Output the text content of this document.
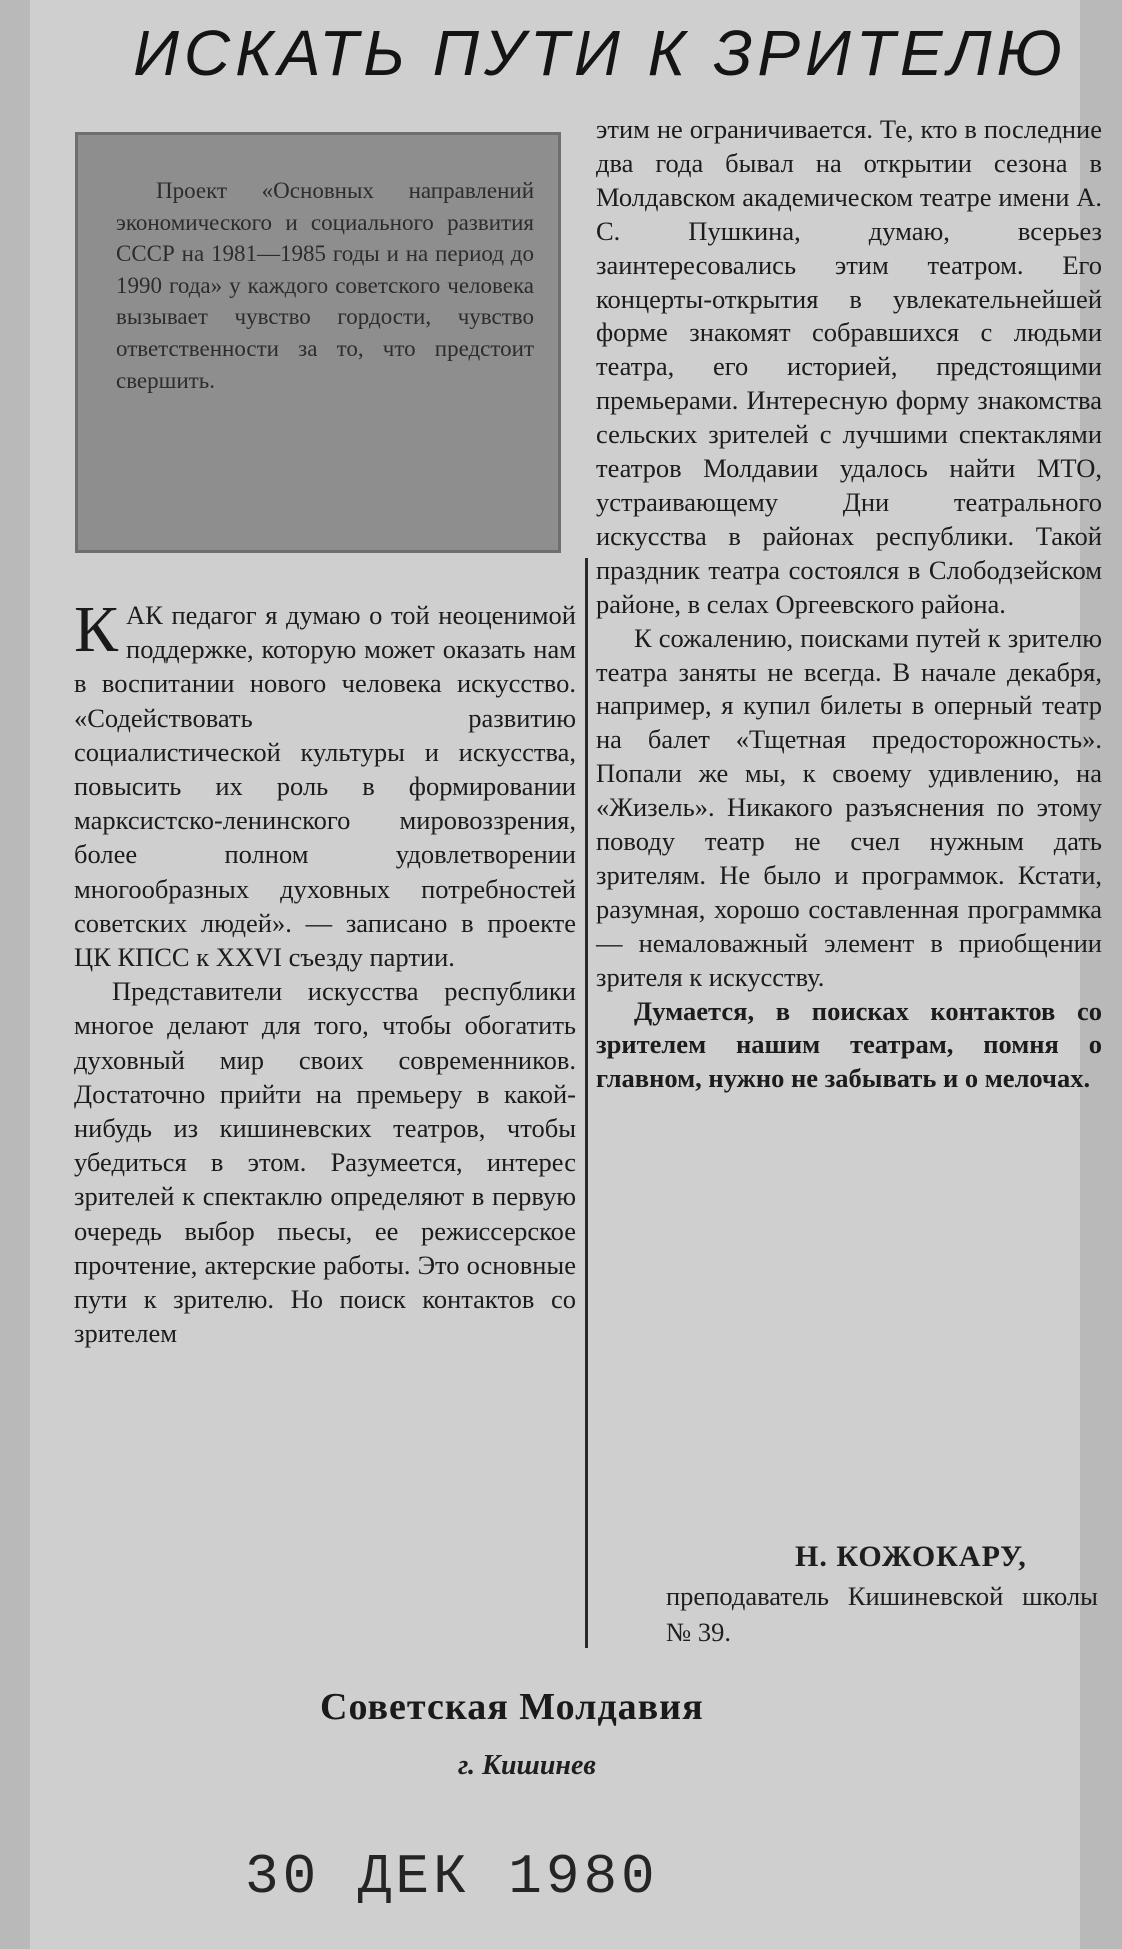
ИСКАТЬ ПУТИ К ЗРИТЕЛЮ

Проект «Основных направлений экономического и социального развития СССР на 1981—1985 годы и на период до 1990 года» у каждого советского человека вызывает чувство гордости, чувство ответственности за то, что предстоит свершить.

К АК педагог я думаю о той неоценимой поддержке, которую может оказать нам в воспитании нового человека искусство. «Содействовать развитию социалистической культуры и искусства, повысить их роль в формировании марксистско-ленинского мировоззрения, более полном удовлетворении многообразных духовных потребностей советских людей». — записано в проекте ЦК КПСС к XXVI съезду партии.

Представители искусства республики многое делают для того, чтобы обогатить духовный мир своих современников. Достаточно прийти на премьеру в какой-нибудь из кишиневских театров, чтобы убедиться в этом. Разумеется, интерес зрителей к спектаклю определяют в первую очередь выбор пьесы, ее режиссерское прочтение, актерские работы. Это основные пути к зрителю. Но поиск контактов со зрителем

этим не ограничивается. Те, кто в последние два года бывал на открытии сезона в Молдавском академическом театре имени А. С. Пушкина, думаю, всерьез заинтересовались этим театром. Его концерты-открытия в увлекательнейшей форме знакомят собравшихся с людьми театра, его историей, предстоящими премьерами. Интересную форму знакомства сельских зрителей с лучшими спектаклями театров Молдавии удалось найти МТО, устраивающему Дни театрального искусства в районах республики. Такой праздник театра состоялся в Слободзейском районе, в селах Оргеевского района.

К сожалению, поисками путей к зрителю театра заняты не всегда. В начале декабря, например, я купил билеты в оперный театр на балет «Тщетная предосторожность». Попали же мы, к своему удивлению, на «Жизель». Никакого разъяснения по этому поводу театр не счел нужным дать зрителям. Не было и программок. Кстати, разумная, хорошо составленная программка — немаловажный элемент в приобщении зрителя к искусству.

Думается, в поисках контактов со зрителем нашим театрам, помня о главном, нужно не забывать и о мелочах.

Н. КОЖОКАРУ,
преподаватель Кишиневской школы № 39.
Советская Молдавия
г. Кишинев
30 ДЕК 1980
